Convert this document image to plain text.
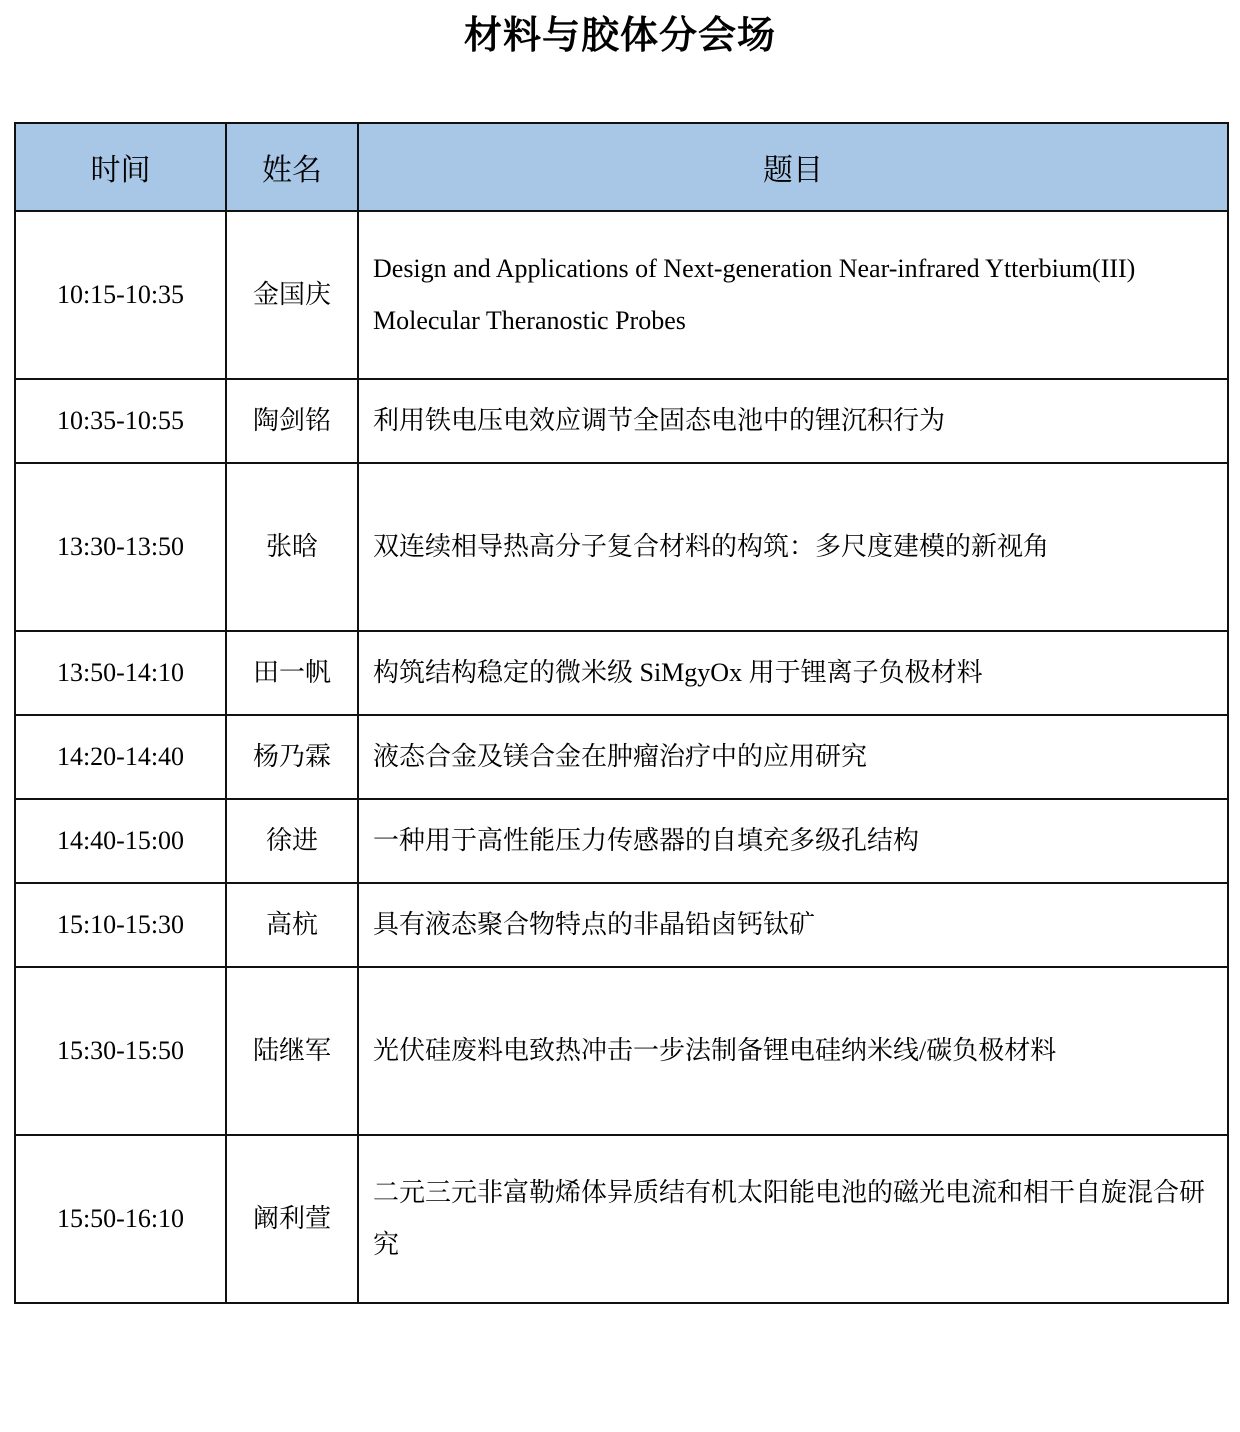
材料与胶体分会场
时间	姓名	题目
10:15-10:35	金国庆	Design and Applications of Next-generation Near-infrared Ytterbium(III) Molecular Theranostic Probes
10:35-10:55	陶剑铭	利用铁电压电效应调节全固态电池中的锂沉积行为
13:30-13:50	张晗	双连续相导热高分子复合材料的构筑：多尺度建模的新视角
13:50-14:10	田一帆	构筑结构稳定的微米级 SiMgyOx 用于锂离子负极材料
14:20-14:40	杨乃霖	液态合金及镁合金在肿瘤治疗中的应用研究
14:40-15:00	徐进	一种用于高性能压力传感器的自填充多级孔结构
15:10-15:30	高杭	具有液态聚合物特点的非晶铅卤钙钛矿
15:30-15:50	陆继军	光伏硅废料电致热冲击一步法制备锂电硅纳米线/碳负极材料
15:50-16:10	阚利萱	二元三元非富勒烯体异质结有机太阳能电池的磁光电流和相干自旋混合研究
